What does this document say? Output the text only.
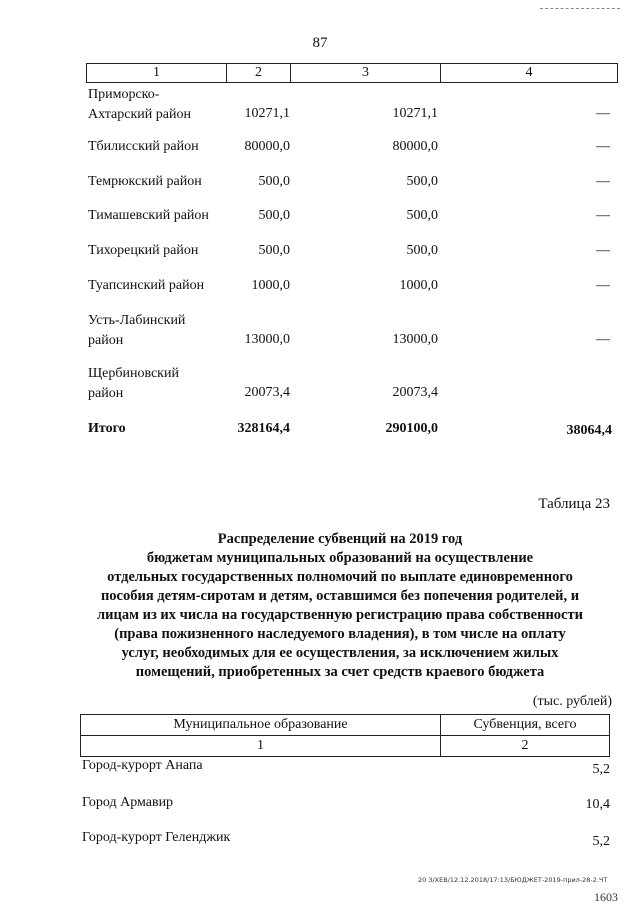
87
1	2	3	4
Приморско-
Ахтарский район	10271,1	10271,1	—
Тбилисский район	80000,0	80000,0	—
Темрюкский район	500,0	500,0	—
Тимашевский район	500,0	500,0	—
Тихорецкий район	500,0	500,0	—
Туапсинский район	1000,0	1000,0	—
Усть-Лабинский
район	13000,0	13000,0	—
Щербиновский
район	20073,4	20073,4
Итого	328164,4	290100,0	38064,4
Таблица 23
Распределение субвенций на 2019 год
бюджетам муниципальных образований на осуществление
отдельных государственных полномочий по выплате единовременного
пособия детям-сиротам и детям, оставшимся без попечения родителей, и
лицам из их числа на государственную регистрацию права собственности
(права пожизненного наследуемого владения), в том числе на оплату
услуг, необходимых для ее осуществления, за исключением жилых
помещений, приобретенных за счет средств краевого бюджета
(тыс. рублей)
Муниципальное образование	Субвенция, всего
1	2
Город-курорт Анапа	5,2
Город Армавир	10,4
Город-курорт Геленджик	5,2
20 3/ХЕВ/12.12.2018/17:13/БЮДЖЕТ-2019-прил-28-2.ЧТ
1603
